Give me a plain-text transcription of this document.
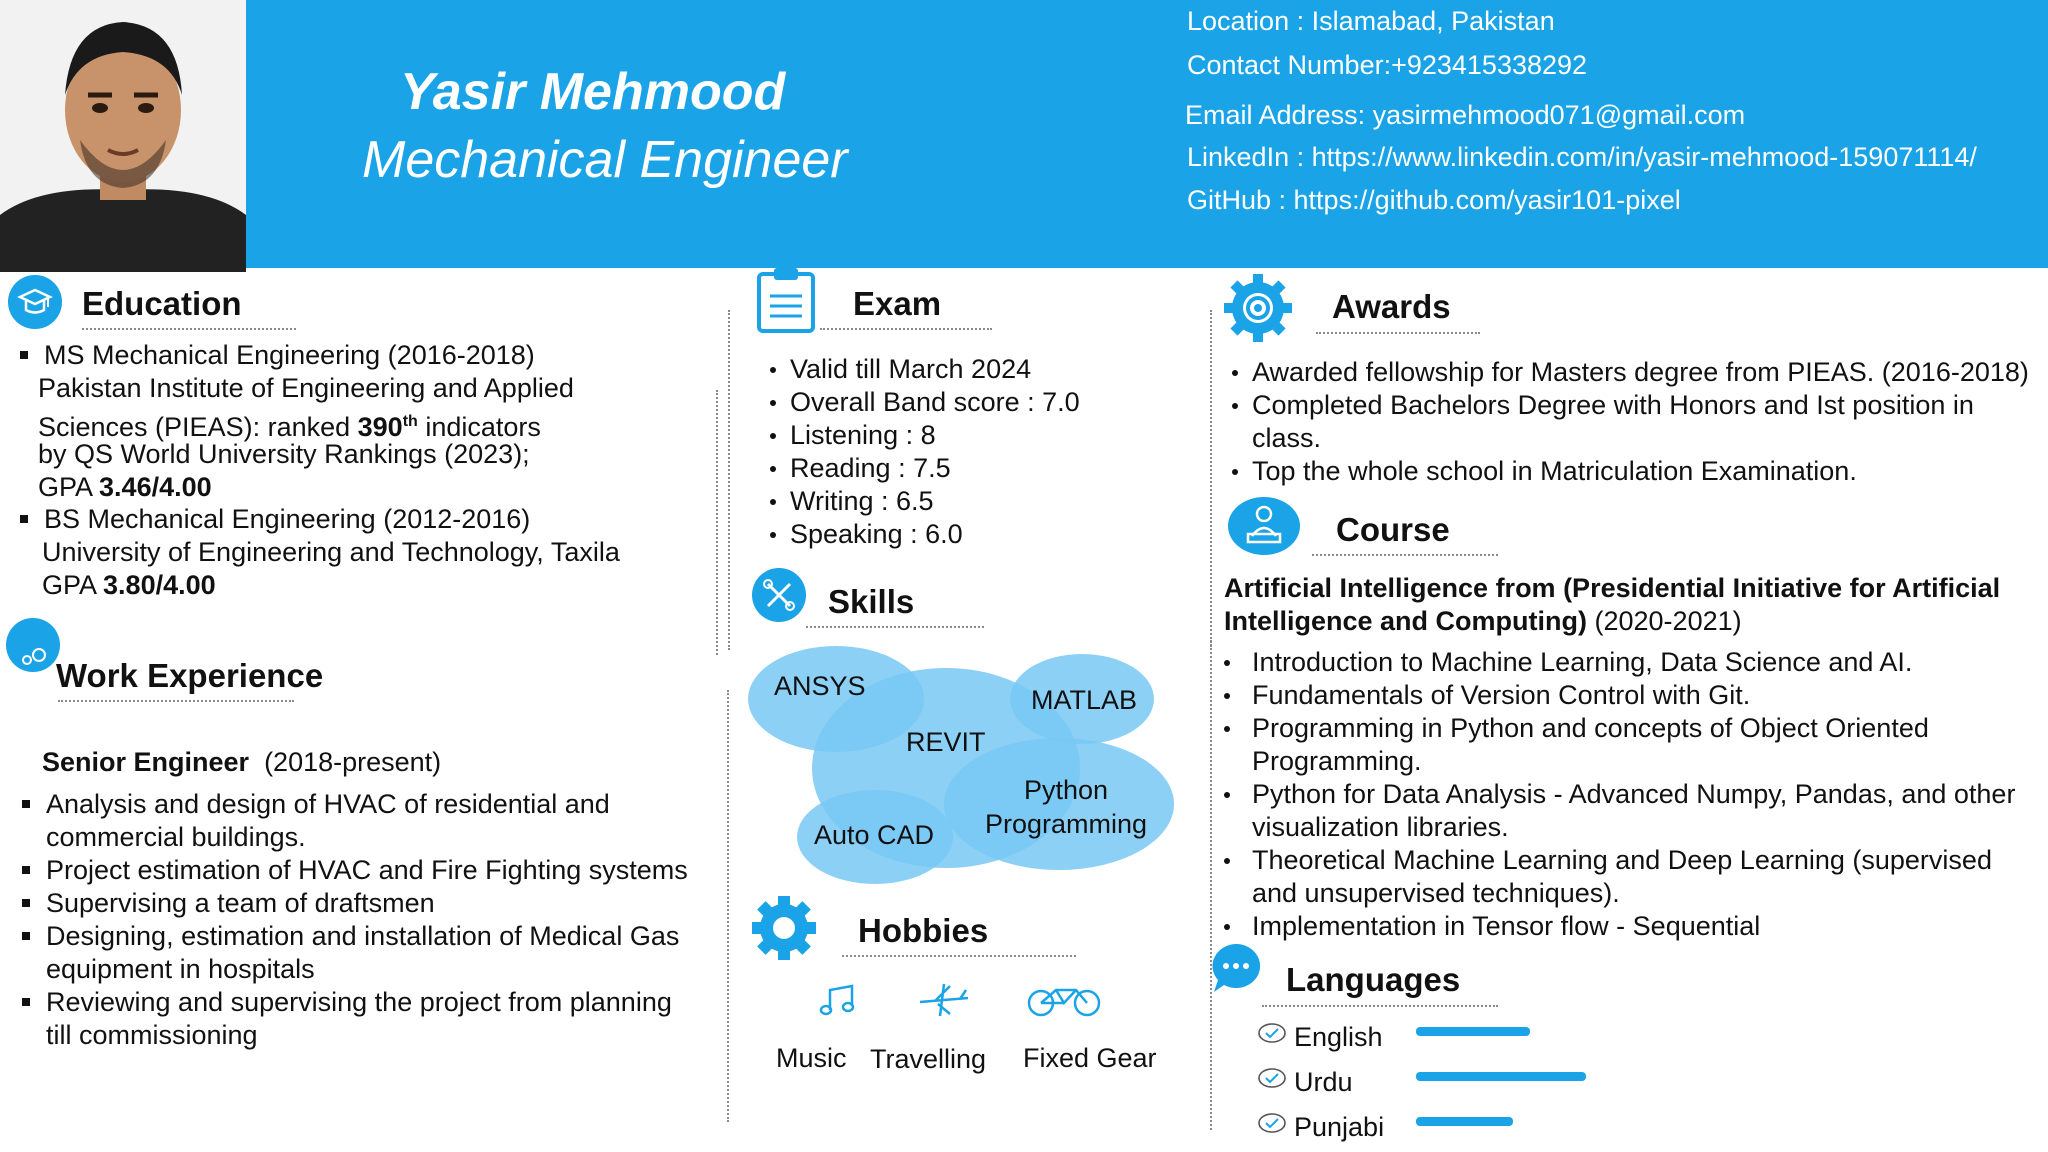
Yasir Mehmood
Mechanical Engineer
Location : Islamabad, Pakistan
Contact Number:+923415338292
Email Address: yasirmehmood071@gmail.com
LinkedIn : https://www.linkedin.com/in/yasir-mehmood-159071114/
GitHub : https://github.com/yasir101-pixel
Education
MS Mechanical Engineering (2016-2018)
Pakistan Institute of Engineering and Applied
Sciences (PIEAS): ranked 390th indicators
by QS World University Rankings (2023);
GPA 3.46/4.00
BS Mechanical Engineering (2012-2016)
University of Engineering and Technology, Taxila
GPA 3.80/4.00
Work Experience
Senior Engineer  (2018-present)
Analysis and design of HVAC of residential and
commercial buildings.
Project estimation of HVAC and Fire Fighting systems
Supervising a team of draftsmen
Designing, estimation and installation of Medical Gas
equipment in hospitals
Reviewing and supervising the project from planning
till commissioning
Exam
Valid till March 2024
Overall Band score : 7.0
Listening : 8
Reading : 7.5
Writing : 6.5
Speaking : 6.0
Skills
ANSYS	MATLAB
REVIT
Python
Programming
Auto CAD
Hobbies
Music Travelling Fixed Gear
Awards
Awarded fellowship for Masters degree from PIEAS. (2016-2018)
Completed Bachelors Degree with Honors and Ist position in
class.
Top the whole school in Matriculation Examination.
Course
Artificial Intelligence from (Presidential Initiative for Artificial
Intelligence and Computing) (2020-2021)
Introduction to Machine Learning, Data Science and AI.
Fundamentals of Version Control with Git.
Programming in Python and concepts of Object Oriented
Programming.
Python for Data Analysis - Advanced Numpy, Pandas, and other
visualization libraries.
Theoretical Machine Learning and Deep Learning (supervised
and unsupervised techniques).
Implementation in Tensor flow - Sequential
Languages
English
Urdu
Punjabi
